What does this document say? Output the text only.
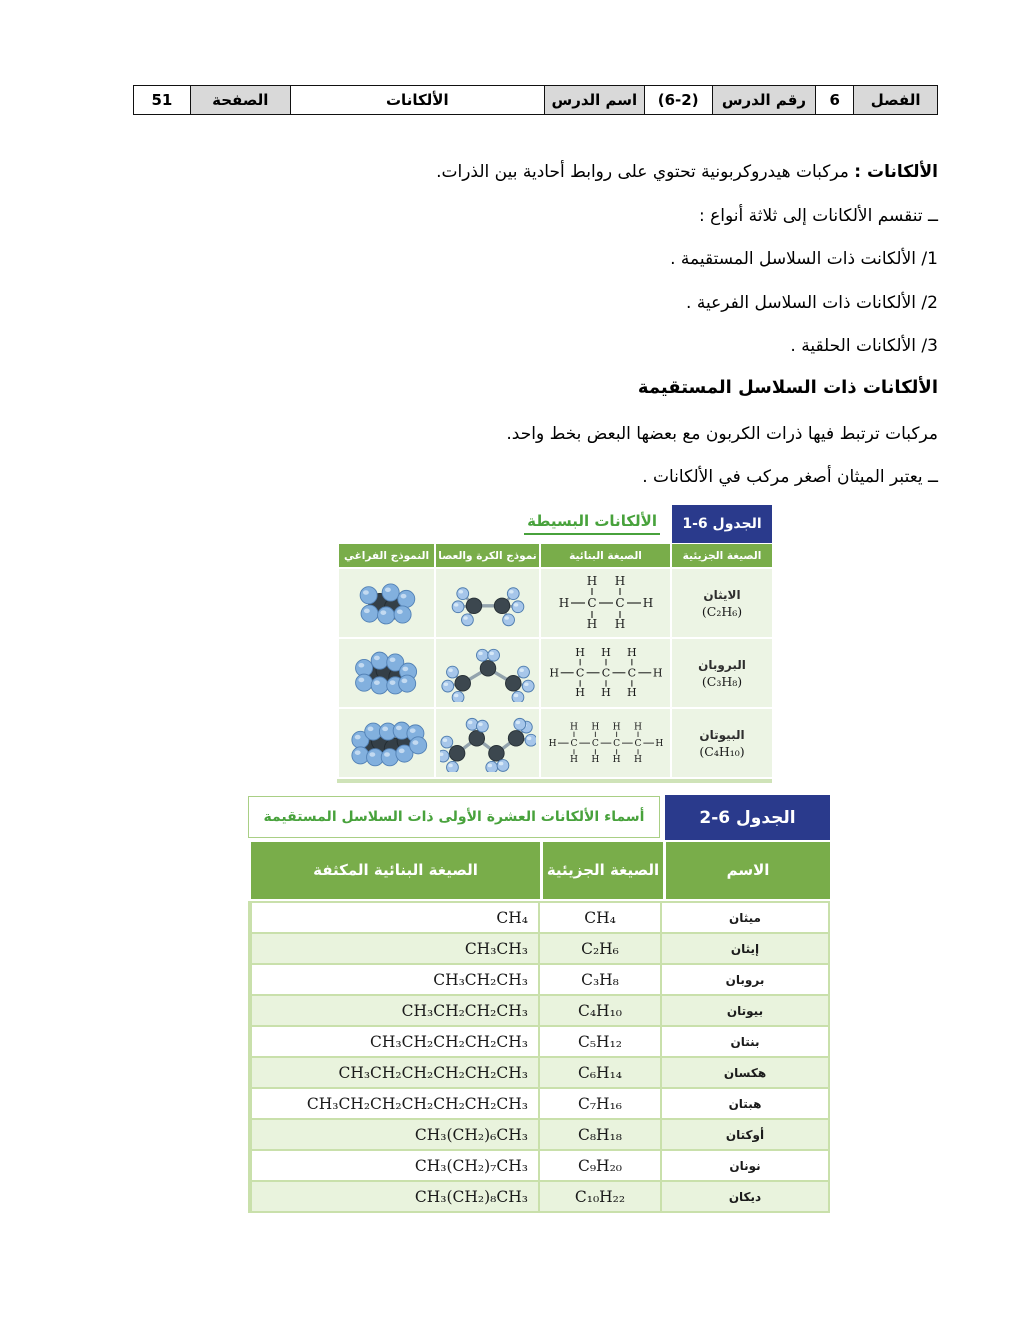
الفصل
6
رقم الدرس
(6-2)
اسم الدرس
الألكانات
الصفحة
51
الألكانات : مركبات هيدروكربونية تحتوي على روابط أحادية بين الذرات.
ــ تنقسم الألكانات إلى ثلاثة أنواع :
1/ الألكانت ذات السلاسل المستقيمة .
2/ الألكانات ذات السلاسل الفرعية .
3/ الألكانات الحلقية .
الألكانات ذات السلاسل المستقيمة
مركبات ترتبط فيها ذرات الكربون مع بعضها البعض بخط واحد.
ــ يعتبر الميثان أصغر مركب في الألكانات .
الجدول 6-1
الألكانات البسيطة
الصيغة الجزيئية
الصيغة البنائية
نموذج الكرة والعصا
النموذج الفراغي
الايثان
(C₂H₆)
H C C H
H
H
H
H
البروبان
(C₃H₈)
H C C C H
H
H
H
H
H
H
البيوتان
(C₄H₁₀)
H C C C C H
H
H
H
H
H
H
H
H
الجدول 6-2
أسماء الألكانات العشرة الأولى ذات السلاسل المستقيمة
الاسم
الصيغة الجزيئية
الصيغة البنائية المكثفة
ميثان
CH₄
CH₄
إيثان
C₂H₆
CH₃CH₃
بروبان
C₃H₈
CH₃CH₂CH₃
بيوتان
C₄H₁₀
CH₃CH₂CH₂CH₃
بنتان
C₅H₁₂
CH₃CH₂CH₂CH₂CH₃
هكسان
C₆H₁₄
CH₃CH₂CH₂CH₂CH₂CH₃
هبتان
C₇H₁₆
CH₃CH₂CH₂CH₂CH₂CH₂CH₃
أوكتان
C₈H₁₈
CH₃(CH₂)₆CH₃
نونان
C₉H₂₀
CH₃(CH₂)₇CH₃
ديكان
C₁₀H₂₂
CH₃(CH₂)₈CH₃
